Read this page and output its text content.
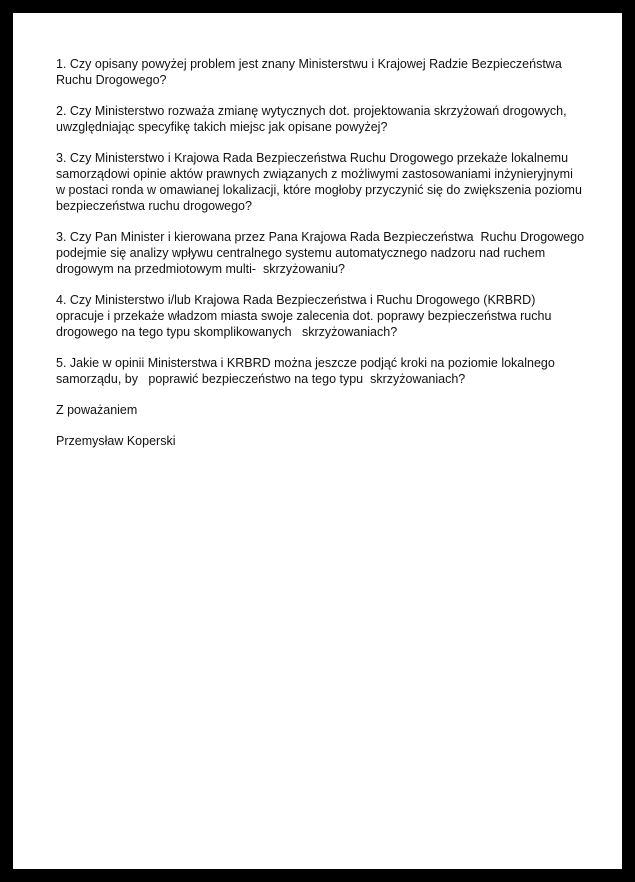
1. Czy opisany powyżej problem jest znany Ministerstwu i Krajowej Radzie Bezpieczeństwa
Ruchu Drogowego?

2. Czy Ministerstwo rozważa zmianę wytycznych dot. projektowania skrzyżowań drogowych,
uwzględniając specyfikę takich miejsc jak opisane powyżej?

3. Czy Ministerstwo i Krajowa Rada Bezpieczeństwa Ruchu Drogowego przekaże lokalnemu
samorządowi opinie aktów prawnych związanych z możliwymi zastosowaniami inżynieryjnymi
w postaci ronda w omawianej lokalizacji, które mogłoby przyczynić się do zwiększenia poziomu
bezpieczeństwa ruchu drogowego?

3. Czy Pan Minister i kierowana przez Pana Krajowa Rada Bezpieczeństwa  Ruchu Drogowego
podejmie się analizy wpływu centralnego systemu automatycznego nadzoru nad ruchem
drogowym na przedmiotowym multi-  skrzyżowaniu?

4. Czy Ministerstwo i/lub Krajowa Rada Bezpieczeństwa i Ruchu Drogowego (KRBRD)
opracuje i przekaże władzom miasta swoje zalecenia dot. poprawy bezpieczeństwa ruchu
drogowego na tego typu skomplikowanych   skrzyżowaniach?

5. Jakie w opinii Ministerstwa i KRBRD można jeszcze podjąć kroki na poziomie lokalnego
samorządu, by   poprawić bezpieczeństwo na tego typu  skrzyżowaniach?

Z poważaniem

Przemysław Koperski
